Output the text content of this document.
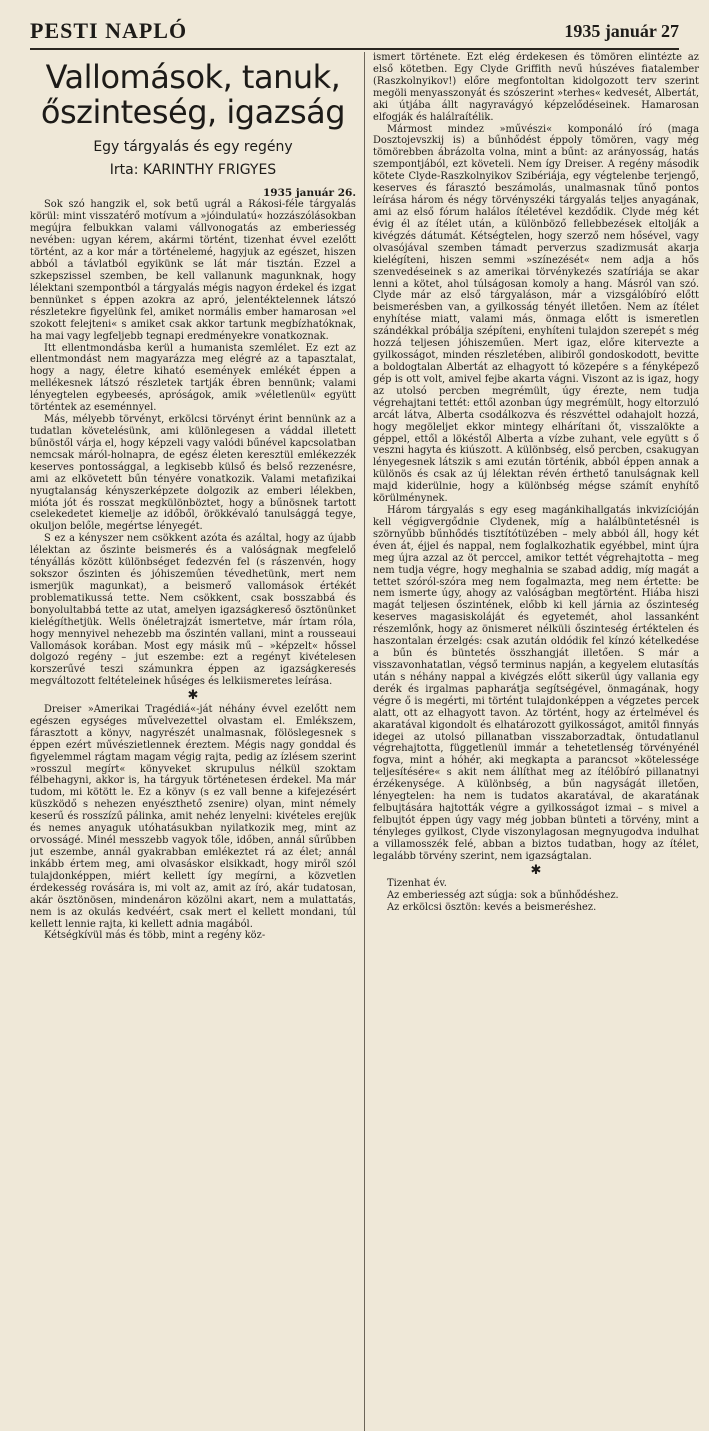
PESTI NAPLÓ	1935 január 27
Vallomások, tanuk, őszinteség, igazság
Egy tárgyalás és egy regény
Irta: KARINTHY FRIGYES

1935 január 26.

Sok szó hangzik el, sok betű ugrál a Rákosi-féle tárgyalás körül: mint visszatérő motívum a »jóindulatú« hozzászólásokban megújra felbukkan valami vállvonogatás az emberiesség nevében: ugyan kérem, akármi történt, tizenhat évvel ezelőtt történt, az a kor már a történelemé, hagyjuk az egészet, hiszen abból a távlatból egyikünk se lát már tisztán. Ezzel a szkepszissel szemben, be kell vallanunk magunknak, hogy lélektani szempontból a tárgyalás mégis nagyon érdekel és izgat bennünket s éppen azokra az apró, jelentéktelennek látszó részletekre figyelünk fel, amiket normális ember hamarosan »el szokott felejteni« s amiket csak akkor tartunk megbízhatóknak, ha mai vagy legfeljebb tegnapi eredményekre vonatkoznak.

Itt ellentmondásba kerül a humanista szemlélet. Ez ezt az ellentmondást nem magyarázza meg elégré az a tapasztalat, hogy a nagy, életre kiható események emlékét éppen a mellékesnek látszó részletek tartják ébren bennünk; valami lényegtelen egybeesés, apróságok, amik »véletlenül« együtt történtek az eseménnyel.

Más, mélyebb törvényt, erkölcsi törvényt érint bennünk az a tudatlan követelésünk, ami különlegesen a váddal illetett bűnöstől várja el, hogy képzeli vagy valódi bűnével kapcsolatban nemcsak máról-holnapra, de egész életen keresztül emlékezzék keserves pontossággal, a legkisebb külső és belső rezzenésre, ami az elkövetett bűn tényére vonatkozik. Valami metafizikai nyugtalanság kényszerképzete dolgozik az emberi lélekben, mióta jót és rosszat megkülönböztet, hogy a bűnösnek tartott cselekedetet kiemelje az időből, örökkévaló tanulsággá tegye, okuljon belőle, megértse lényegét.

S ez a kényszer nem csökkent azóta és azáltal, hogy az újabb lélektan az őszinte beismerés és a valóságnak megfelelő tényállás között különbséget fedezvén fel (s rászenvén, hogy sokszor őszinten és jóhiszeműen tévedhetünk, mert nem ismerjük magunkat), a beismerő vallomások értékét problematikussá tette. Nem csökkent, csak bosszabbá és bonyolultabbá tette az utat, amelyen igazságkereső ösztönünket kielégíthetjük. Wells önéletrajzát ismertetve, már írtam róla, hogy mennyivel nehezebb ma őszintén vallani, mint a rousseaui Vallomások korában. Most egy másik mű – »képzelt« hőssel dolgozó regény – jut eszembe: ezt a regényt kivételesen korszerűvé teszi számunkra éppen az igazságkeresés megváltozott feltételeinek hűséges és lelkiismeretes leírása.

✱

Dreiser »Amerikai Tragédiá«-ját néhány évvel ezelőtt nem egészen egységes művelvezettel olvastam el. Emlékszem, fárasztott a könyv, nagyrészét unalmasnak, fölöslegesnek s éppen ezért művészietlennek éreztem. Mégis nagy gonddal és figyelemmel rágtam magam végig rajta, pedig az ízlésem szerint »rosszul megírt« könyveket skrupulus nélkül szoktam félbehagyni, akkor is, ha tárgyuk történetesen érdekel. Ma már tudom, mi kötött le. Ez a könyv (s ez vall benne a kifejezésért küszködő s nehezen enyészthető zsenire) olyan, mint némely keserű és rosszízű pálinka, amit nehéz lenyelni: kivételes erejük és nemes anyaguk utóhatásukban nyilatkozik meg, mint az orvosságé. Minél messzebb vagyok tőle, időben, annál sűrűbben jut eszembe, annál gyakrabban emlékeztet rá az élet; annál inkább értem meg, ami olvasáskor elsikkadt, hogy miről szól tulajdonképpen, miért kellett így megírni, a közvetlen érdekesség rovására is, mi volt az, amit az író, akár tudatosan, akár ösztönösen, mindenáron közölni akart, nem a mulattatás, nem is az okulás kedvéért, csak mert el kellett mondani, túl kellett lennie rajta, ki kellett adnia magából.

Kétségkívül más és több, mint a regény köz-

ismert története. Ezt elég érdekesen és tömören elintézte az első kötetben. Egy Clyde Griffith nevű húszéves fiatalember (Raszkolnyikov!) előre megfontoltan kidolgozott terv szerint megöli menyasszonyát és szószerint »terhes« kedvesét, Albertát, aki útjába állt nagyravágyó képzelődéseinek. Hamarosan elfogják és halálraítélik.

Mármost mindez »művészi« komponáló író (maga Dosztojevszkij is) a bűnhődést éppoly tömören, vagy még tömörebben ábrázolta volna, mint a bűnt: az arányosság, hatás szempontjából, ezt követeli. Nem így Dreiser. A regény második kötete Clyde-Raszkolnyikov Szibériája, egy végtelenbe terjengő, keserves és fárasztó beszámolás, unalmasnak tűnő pontos leírása három és négy törvényszéki tárgyalás teljes anyagának, ami az első fórum halálos ítéletével kezdődik. Clyde még két évig él az ítélet után, a különböző fellebbezések eltolják a kivégzés dátumát. Kétségtelen, hogy szerző nem hősével, vagy olvasójával szemben támadt perverzus szadizmusát akarja kielégíteni, hiszen semmi »színezését« nem adja a hős szenvedéseinek s az amerikai törvénykezés szatíriája se akar lenni a kötet, ahol túlságosan komoly a hang. Másról van szó. Clyde már az első tárgyaláson, már a vizsgálóbíró előtt beismerésben van, a gyilkosság tényét illetően. Nem az ítélet enyhítése miatt, valami más, önmaga előtt is ismeretlen szándékkal próbálja szépíteni, enyhíteni tulajdon szerepét s még hozzá teljesen jóhiszeműen. Mert igaz, előre kitervezte a gyilkosságot, minden részletében, alibiről gondoskodott, bevitte a boldogtalan Albertát az elhagyott tó közepére s a fényképező gép is ott volt, amivel fejbe akarta vágni. Viszont az is igaz, hogy az utolsó percben megrémült, úgy érezte, nem tudja végrehajtani tettét: ettől azonban úgy megrémült, hogy eltorzuló arcát látva, Alberta csodálkozva és részvéttel odahajolt hozzá, hogy megöleljet ekkor mintegy elhárítani őt, visszalökte a géppel, ettől a lökéstől Alberta a vízbe zuhant, vele együtt s ő veszni hagyta és kiúszott. A különbség, első percben, csakugyan lényegesnek látszik s ami ezután történik, abból éppen annak a különös és csak az új lélektan révén érthető tanulságnak kell majd kiderülnie, hogy a különbség mégse számít enyhítő körülménynek.

Három tárgyalás s egy eseg magánkihallgatás inkvizícióján kell végigvergődnie Clydenek, míg a halálbüntetésnél is szörnyűbb bűnhődés tisztítótüzében – mely abból áll, hogy két éven át, éjjel és nappal, nem foglalkozhatik egyébbel, mint újra meg újra azzal az öt perccel, amikor tettét végrehajtotta – meg nem tudja végre, hogy meghalnia se szabad addig, míg magát a tettet szóról-szóra meg nem fogalmazta, meg nem értette: be nem ismerte úgy, ahogy az valóságban megtörtént. Hiába hiszi magát teljesen őszintének, előbb ki kell járnia az őszinteség keserves magasiskoláját és egyetemét, ahol lassanként részemlőnk, hogy az önismeret nélküli őszinteség értéktelen és haszontalan érzelgés: csak azután oldódik fel kínzó kételkedése a bűn és büntetés összhangját illetően. S már a visszavonhatatlan, végső terminus napján, a kegyelem elutasítás után s néhány nappal a kivégzés előtt sikerül úgy vallania egy derék és irgalmas papharátja segítségével, önmagának, hogy végre ő is megérti, mi történt tulajdonképpen a végzetes percek alatt, ott az elhagyott tavon. Az történt, hogy az értelmével és akaratával kigondolt és elhatározott gyilkosságot, amitől finnyás idegei az utolsó pillanatban visszaborzadtak, öntudatlanul végrehajtotta, függetlenül immár a tehetetlenség törvényénél fogva, mint a hóhér, aki megkapta a parancsot »kötelessége teljesítésére« s akit nem állíthat meg az ítélőbíró pillanatnyi érzékenysége. A különbség, a bűn nagyságát illetően, lényegtelen: ha nem is tudatos akaratával, de akaratának felbujtására hajtották végre a gyilkosságot izmai – s mivel a felbujtót éppen úgy vagy még jobban bünteti a törvény, mint a tényleges gyilkost, Clyde viszonylagosan megnyugodva indulhat a villamosszék felé, abban a biztos tudatban, hogy az ítélet, legalább törvény szerint, nem igazságtalan.

✱

Tizenhat év.

Az emberiesség azt súgja: sok a bűnhődéshez.

Az erkölcsi ösztön: kevés a beismeréshez.
